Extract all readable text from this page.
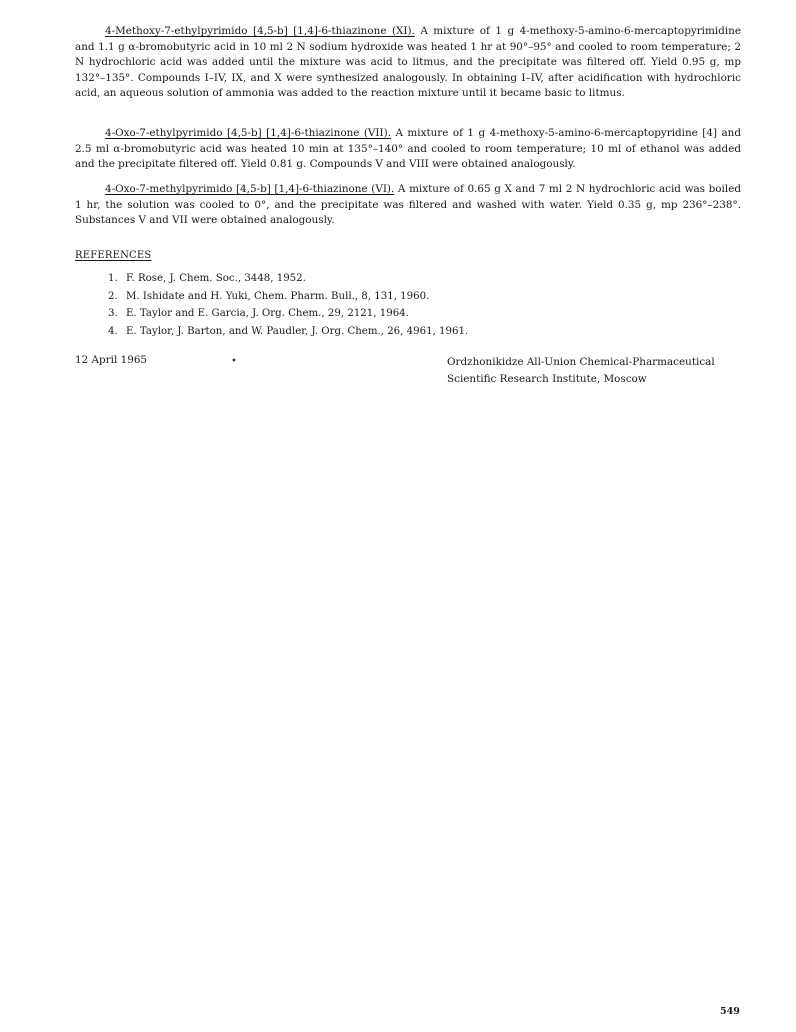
4-Methoxy-7-ethylpyrimido [4,5-b] [1,4]-6-thiazinone (XI). A mixture of 1 g 4-methoxy-5-amino-6-mercaptopyrimidine and 1.1 g α-bromobutyric acid in 10 ml 2 N sodium hydroxide was heated 1 hr at 90°–95° and cooled to room temperature; 2 N hydrochloric acid was added until the mixture was acid to litmus, and the precipitate was filtered off. Yield 0.95 g, mp 132°–135°. Compounds I–IV, IX, and X were synthesized analogously. In obtaining I–IV, after acidification with hydrochloric acid, an aqueous solution of ammonia was added to the reaction mixture until it became basic to litmus.

4-Oxo-7-ethylpyrimido [4,5-b] [1,4]-6-thiazinone (VII). A mixture of 1 g 4-methoxy-5-amino-6-mercaptopyridine [4] and 2.5 ml α-bromobutyric acid was heated 10 min at 135°–140° and cooled to room temperature; 10 ml of ethanol was added and the precipitate filtered off. Yield 0.81 g. Compounds V and VIII were obtained analogously.

4-Oxo-7-methylpyrimido [4,5-b] [1,4]-6-thiazinone (VI). A mixture of 0.65 g X and 7 ml 2 N hydrochloric acid was boiled 1 hr, the solution was cooled to 0°, and the precipitate was filtered and washed with water. Yield 0.35 g, mp 236°–238°. Substances V and VII were obtained analogously.

REFERENCES
1. F. Rose, J. Chem. Soc., 3448, 1952.
2. M. Ishidate and H. Yuki, Chem. Pharm. Bull., 8, 131, 1960.
3. E. Taylor and E. Garcia, J. Org. Chem., 29, 2121, 1964.
4. E. Taylor, J. Barton, and W. Paudler, J. Org. Chem., 26, 4961, 1961.
12 April 1965	•	Ordzhonikidze All-Union Chemical-Pharmaceutical
Scientific Research Institute, Moscow
549
